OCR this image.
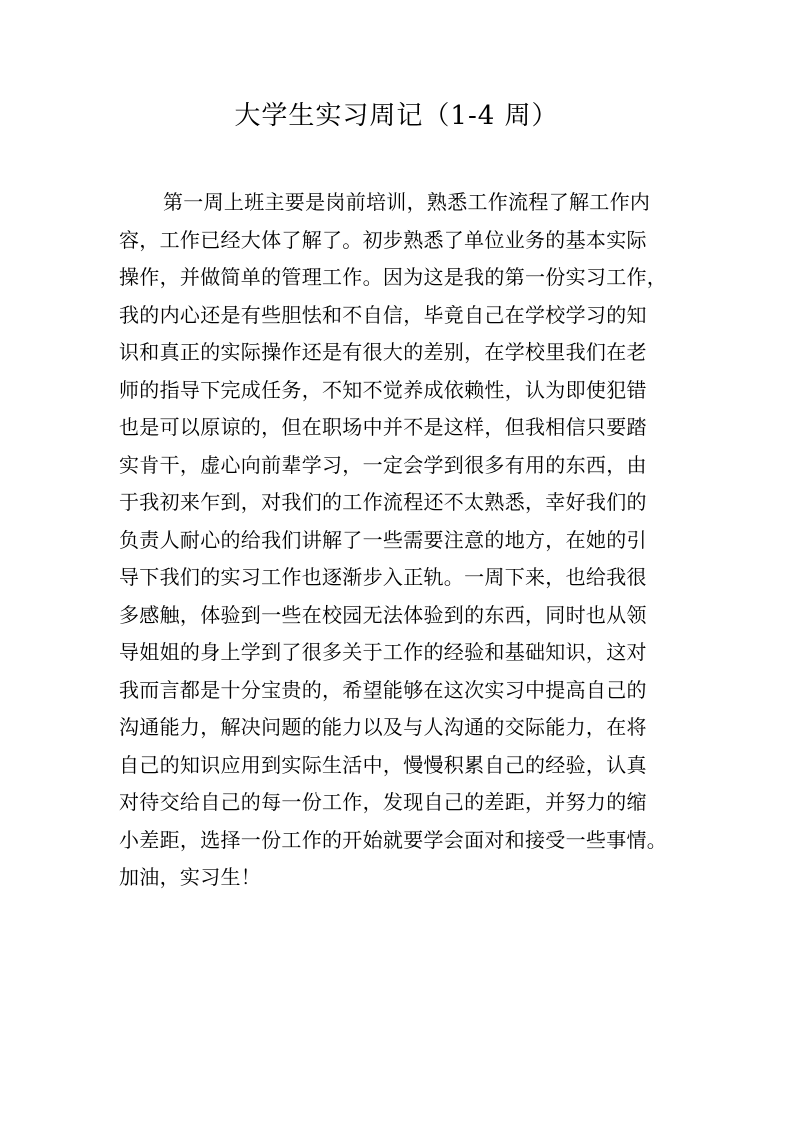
大学生实习周记（1-4 周）
第一周上班主要是岗前培训，熟悉工作流程了解工作内
容，工作已经大体了解了。初步熟悉了单位业务的基本实际
操作，并做简单的管理工作。因为这是我的第一份实习工作，
我的内心还是有些胆怯和不自信，毕竟自己在学校学习的知
识和真正的实际操作还是有很大的差别，在学校里我们在老
师的指导下完成任务，不知不觉养成依赖性，认为即使犯错
也是可以原谅的，但在职场中并不是这样，但我相信只要踏
实肯干，虚心向前辈学习，一定会学到很多有用的东西，由
于我初来乍到，对我们的工作流程还不太熟悉，幸好我们的
负责人耐心的给我们讲解了一些需要注意的地方，在她的引
导下我们的实习工作也逐渐步入正轨。一周下来，也给我很
多感触，体验到一些在校园无法体验到的东西，同时也从领
导姐姐的身上学到了很多关于工作的经验和基础知识，这对
我而言都是十分宝贵的，希望能够在这次实习中提高自己的
沟通能力，解决问题的能力以及与人沟通的交际能力，在将
自己的知识应用到实际生活中，慢慢积累自己的经验，认真
对待交给自己的每一份工作，发现自己的差距，并努力的缩
小差距，选择一份工作的开始就要学会面对和接受一些事情。
加油，实习生！
